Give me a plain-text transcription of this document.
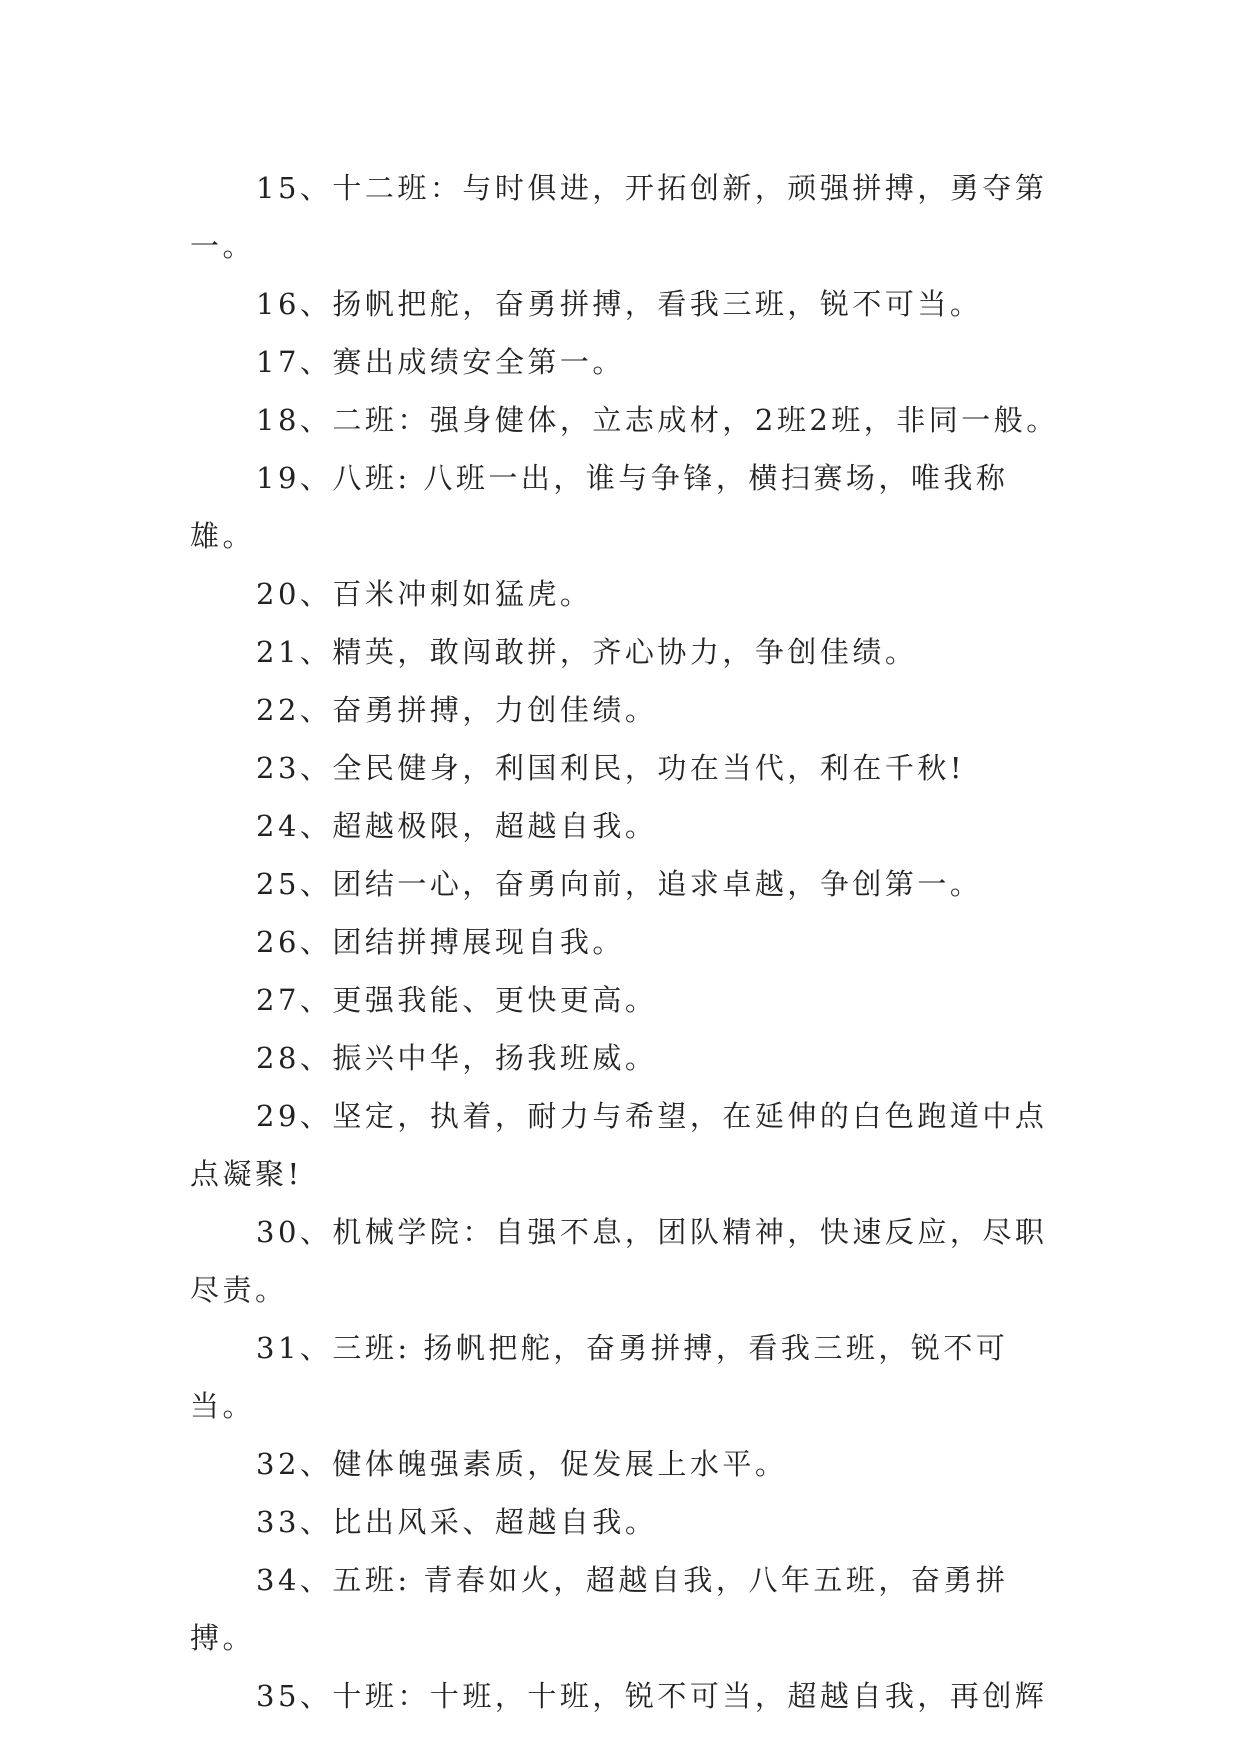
15、十二班：与时俱进，开拓创新，顽强拼搏，勇夺第一。

16、扬帆把舵，奋勇拼搏，看我三班，锐不可当。

17、赛出成绩安全第一。

18、二班：强身健体，立志成材，2班2班，非同一般。

19、八班: 八班一出，谁与争锋，横扫赛场，唯我称雄。

20、百米冲刺如猛虎。

21、精英，敢闯敢拼，齐心协力，争创佳绩。

22、奋勇拼搏，力创佳绩。

23、全民健身，利国利民，功在当代，利在千秋!

24、超越极限，超越自我。

25、团结一心，奋勇向前，追求卓越，争创第一。

26、团结拼搏展现自我。

27、更强我能、更快更高。

28、振兴中华，扬我班威。

29、坚定，执着，耐力与希望，在延伸的白色跑道中点点凝聚!

30、机械学院：自强不息，团队精神，快速反应，尽职尽责。

31、三班: 扬帆把舵，奋勇拼搏，看我三班，锐不可当。

32、健体魄强素质，促发展上水平。

33、比出风采、超越自我。

34、五班: 青春如火，超越自我，八年五班，奋勇拼搏。

35、十班：十班，十班，锐不可当，超越自我，再创辉
